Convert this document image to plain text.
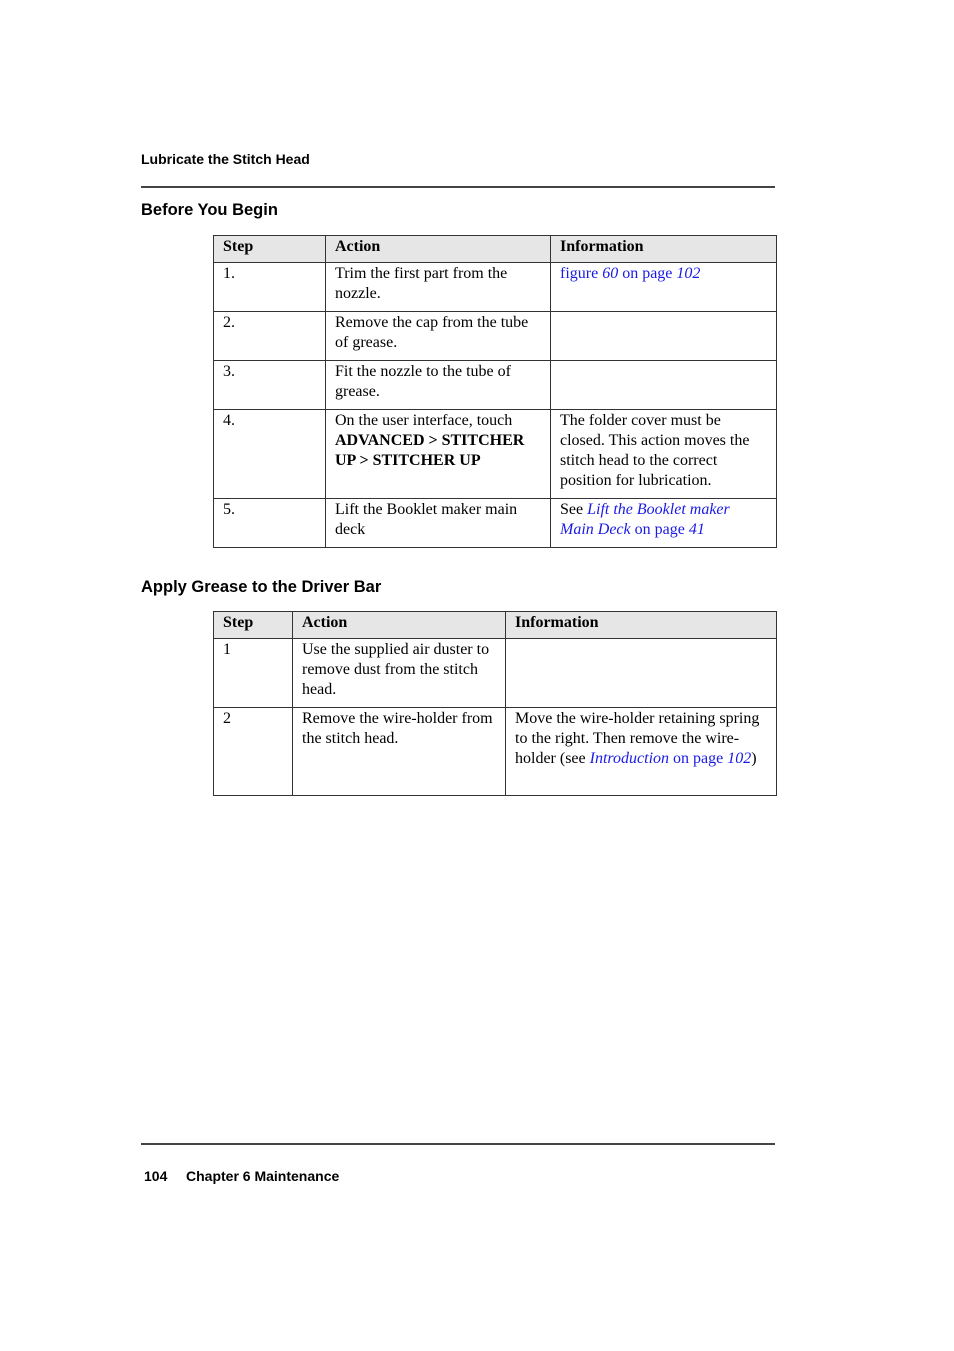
Lubricate the Stitch Head
Before You Begin
Step	Action	Information
1.	Trim the first part from the nozzle.	figure 60 on page 102
2.	Remove the cap from the tube of grease.	
3.	Fit the nozzle to the tube of grease.	
4.	On the user interface, touch ADVANCED > STITCHER UP > STITCHER UP	The folder cover must be closed. This action moves the stitch head to the correct position for lubrication.
5.	Lift the Booklet maker main deck	See Lift the Booklet maker Main Deck on page 41
Apply Grease to the Driver Bar
Step	Action	Information
1	Use the supplied air duster to remove dust from the stitch head.	
2	Remove the wire-holder from the stitch head.	Move the wire-holder retaining spring to the right. Then remove the wire-holder (see Introduction on page 102)
104 Chapter 6 Maintenance
